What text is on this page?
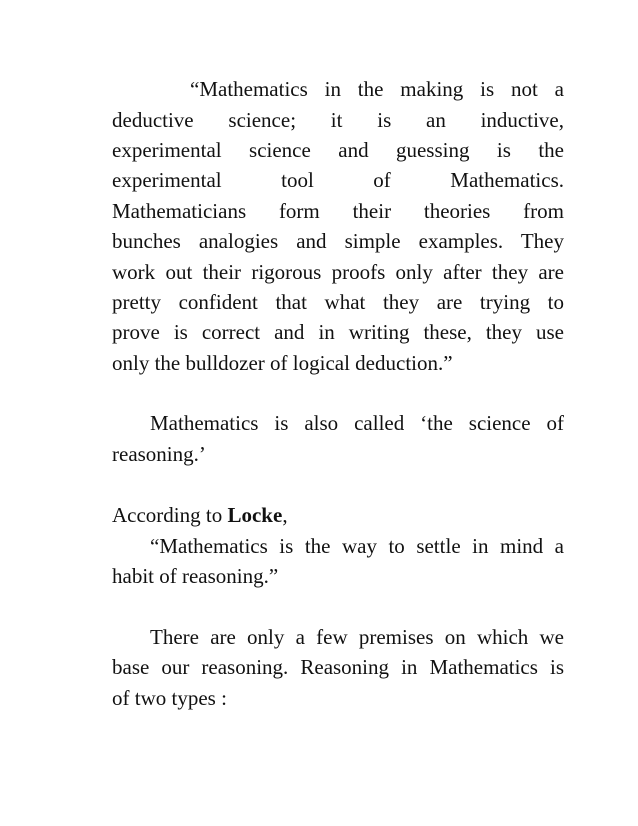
“Mathematics in the making is not a
deductive science; it is an inductive,
experimental science and guessing is the
experimental tool of Mathematics.
Mathematicians form their theories from
bunches analogies and simple examples. They
work out their rigorous proofs only after they are
pretty confident that what they are trying to
prove is correct and in writing these, they use
only the bulldozer of logical deduction.”
Mathematics is also called ‘the science of
reasoning.’
According to Locke,
“Mathematics is the way to settle in mind a
habit of reasoning.”
There are only a few premises on which we
base our reasoning. Reasoning in Mathematics is
of two types :
